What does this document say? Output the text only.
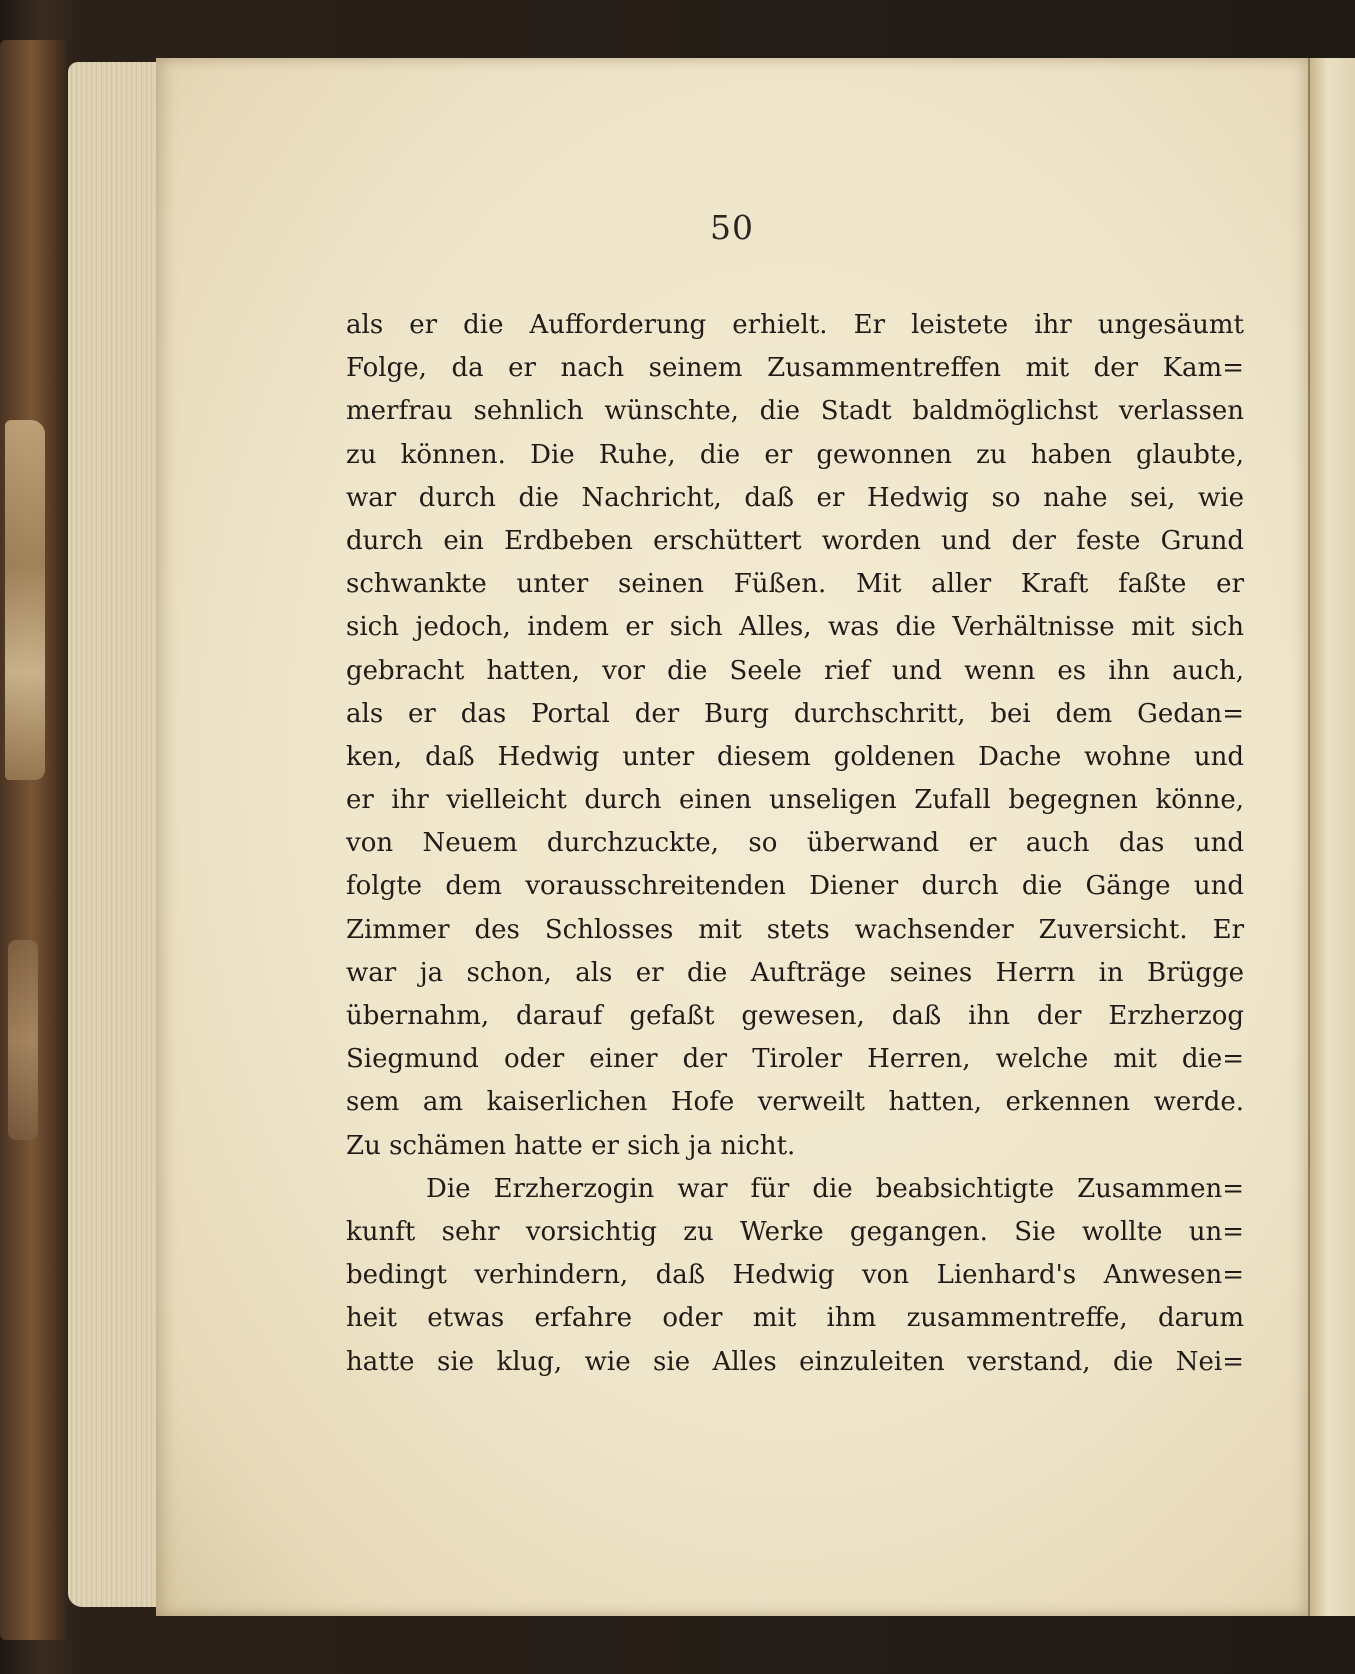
50
als er die Aufforderung erhielt. Er leistete ihr ungesäumt
Folge, da er nach seinem Zusammentreffen mit der Kam=
merfrau sehnlich wünschte, die Stadt baldmöglichst verlassen
zu können. Die Ruhe, die er gewonnen zu haben glaubte,
war durch die Nachricht, daß er Hedwig so nahe sei, wie
durch ein Erdbeben erschüttert worden und der feste Grund
schwankte unter seinen Füßen. Mit aller Kraft faßte er
sich jedoch, indem er sich Alles, was die Verhältnisse mit sich
gebracht hatten, vor die Seele rief und wenn es ihn auch,
als er das Portal der Burg durchschritt, bei dem Gedan=
ken, daß Hedwig unter diesem goldenen Dache wohne und
er ihr vielleicht durch einen unseligen Zufall begegnen könne,
von Neuem durchzuckte, so überwand er auch das und
folgte dem vorausschreitenden Diener durch die Gänge und
Zimmer des Schlosses mit stets wachsender Zuversicht. Er
war ja schon, als er die Aufträge seines Herrn in Brügge
übernahm, darauf gefaßt gewesen, daß ihn der Erzherzog
Siegmund oder einer der Tiroler Herren, welche mit die=
sem am kaiserlichen Hofe verweilt hatten, erkennen werde.
Zu schämen hatte er sich ja nicht.
Die Erzherzogin war für die beabsichtigte Zusammen=
kunft sehr vorsichtig zu Werke gegangen. Sie wollte un=
bedingt verhindern, daß Hedwig von Lienhard's Anwesen=
heit etwas erfahre oder mit ihm zusammentreffe, darum
hatte sie klug, wie sie Alles einzuleiten verstand, die Nei=
